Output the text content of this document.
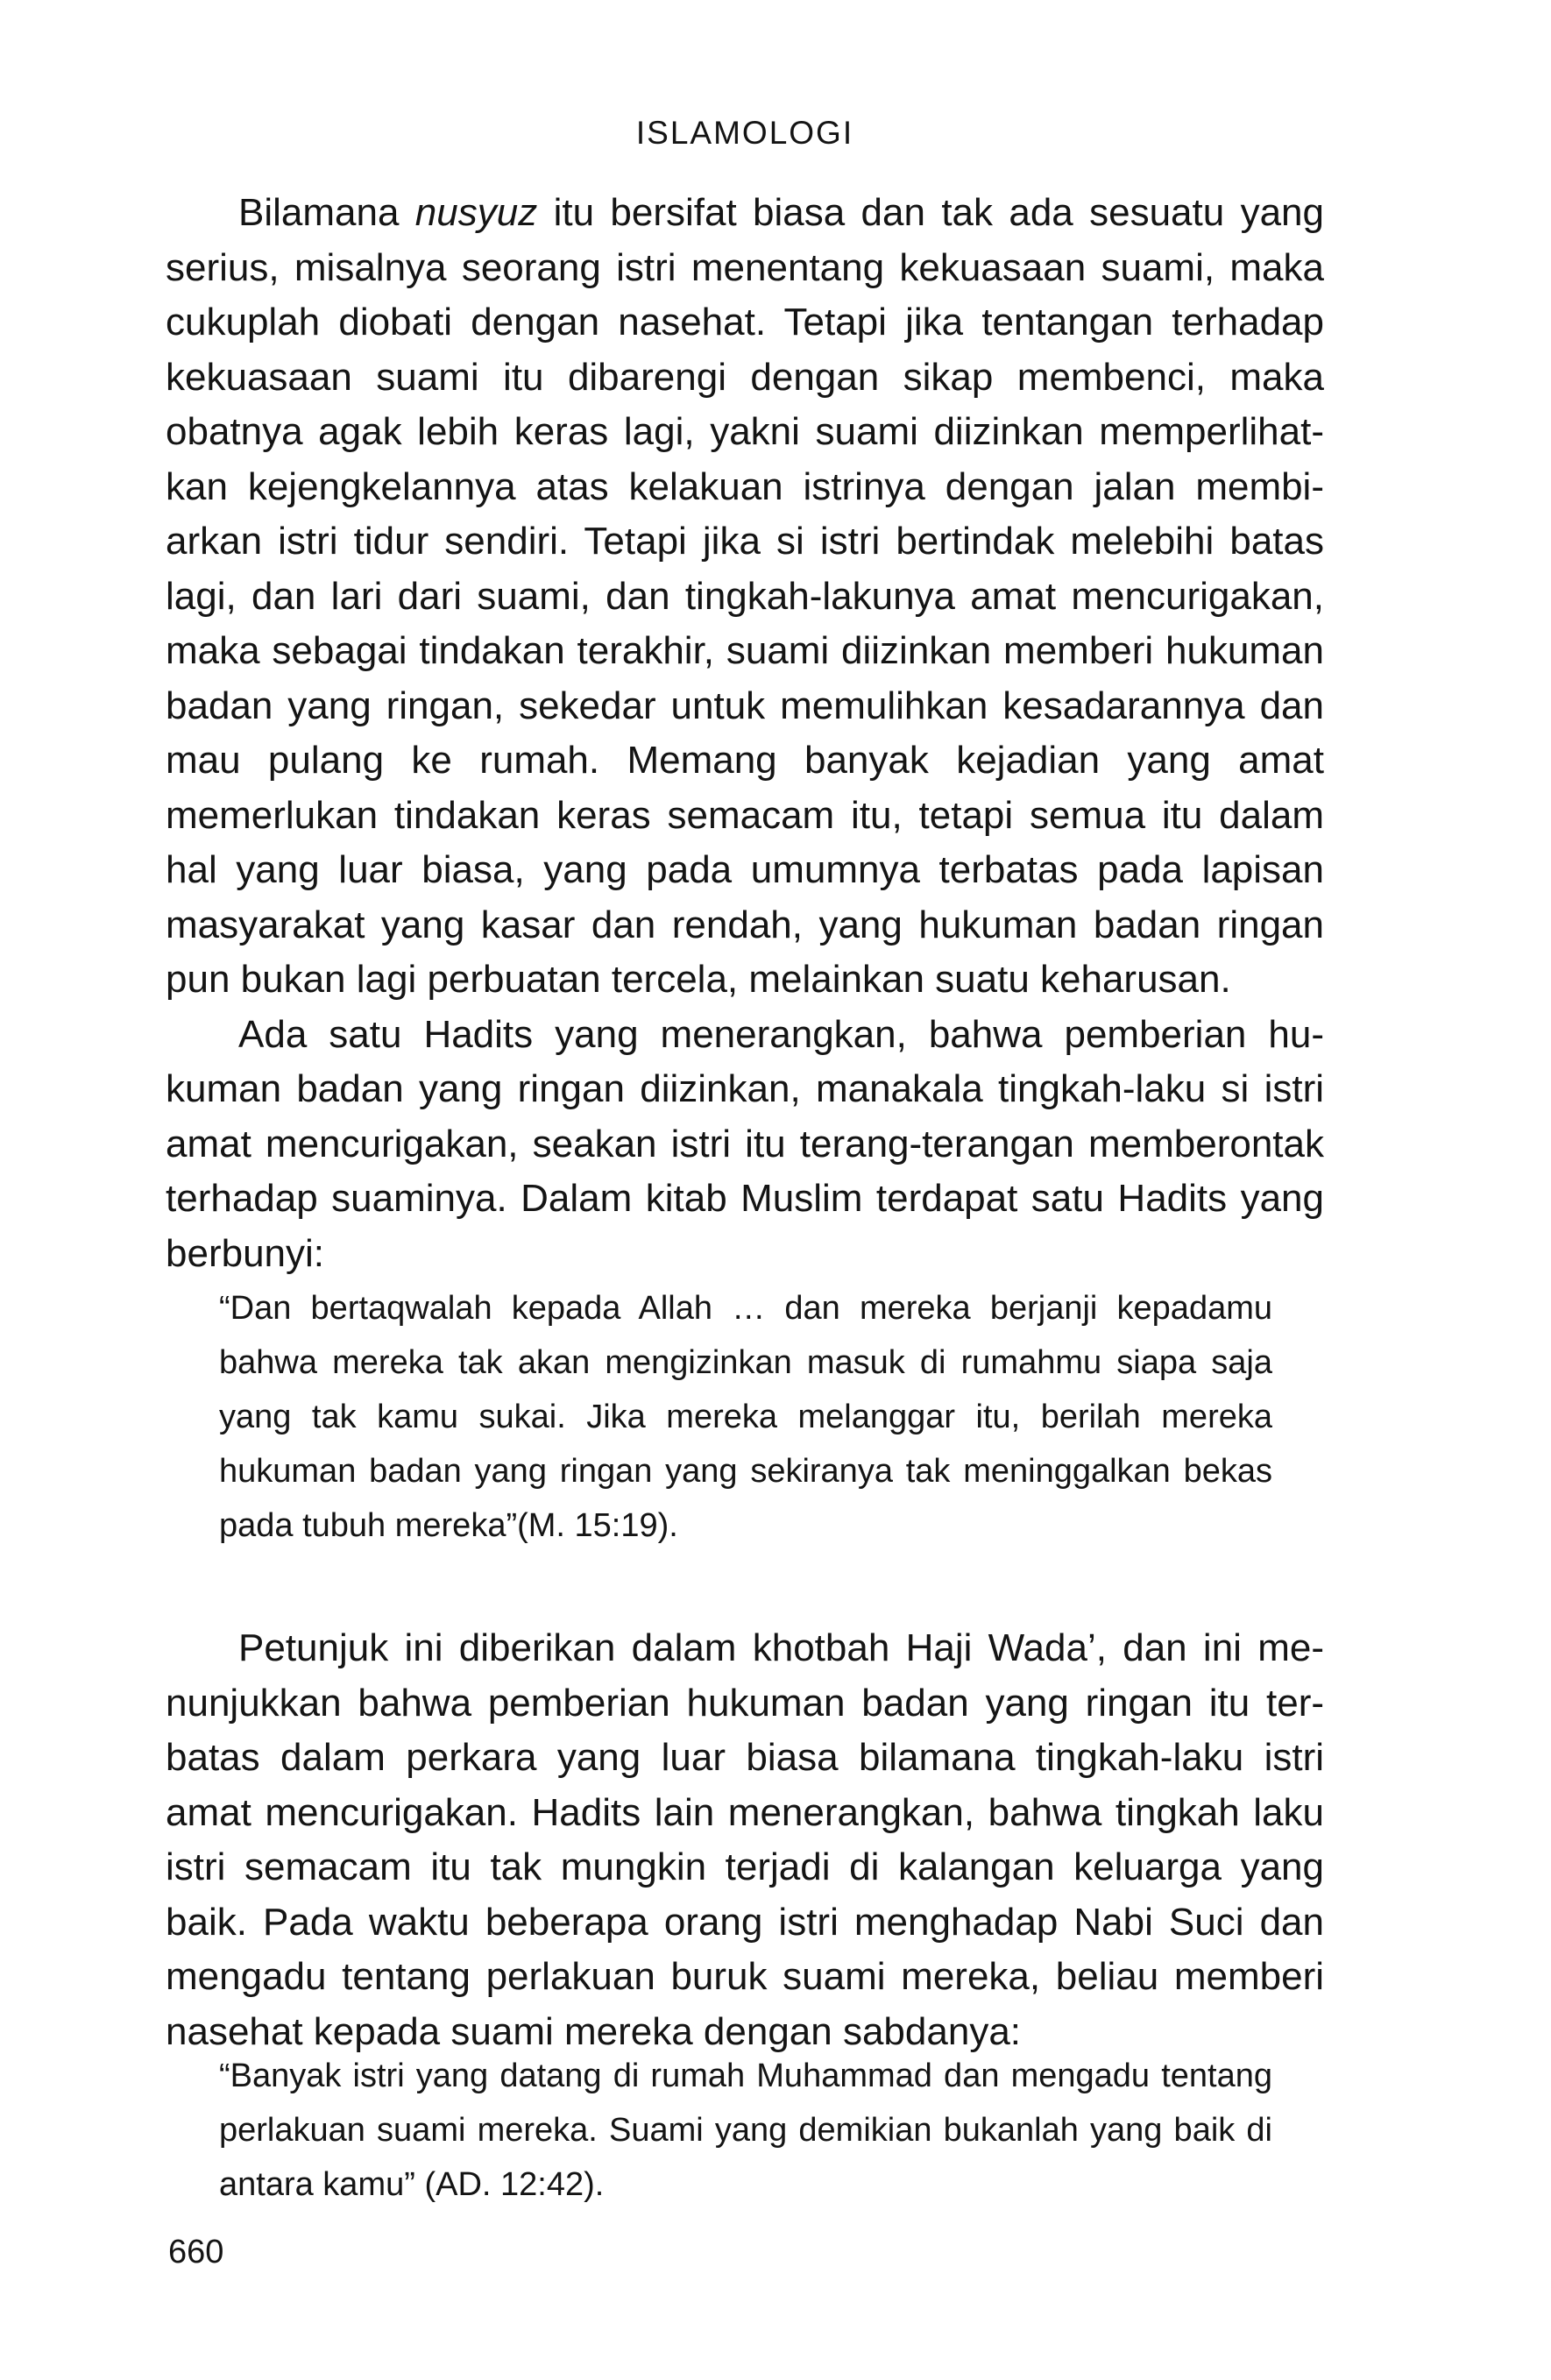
ISLAMOLOGI

Bilamana nusyuz itu bersifat biasa dan tak ada sesuatu yang serius, misalnya seorang istri menentang kekuasaan suami, maka cukuplah diobati dengan nasehat. Tetapi jika tentangan terhadap kekuasaan suami itu dibarengi dengan sikap membenci, maka obatnya agak lebih keras lagi, yakni suami diizinkan memperlihatkan kejengkelannya atas kelakuan istrinya dengan jalan membiarkan istri tidur sendiri. Tetapi jika si istri bertindak melebihi batas lagi, dan lari dari suami, dan tingkah-lakunya amat mencurigakan, maka sebagai tindakan terakhir, suami diizinkan memberi hukuman badan yang ringan, sekedar untuk memulihkan kesadarannya dan mau pulang ke rumah. Memang banyak kejadian yang amat memerlukan tindakan keras semacam itu, tetapi semua itu dalam hal yang luar biasa, yang pada umumnya terbatas pada lapisan masyarakat yang kasar dan rendah, yang hukuman badan ringan pun bukan lagi perbuatan tercela, melainkan suatu keharusan.

Ada satu Hadits yang menerangkan, bahwa pemberian hukuman badan yang ringan diizinkan, manakala tingkah-laku si istri amat mencurigakan, seakan istri itu terang-terangan memberontak terhadap suaminya. Dalam kitab Muslim terdapat satu Hadits yang berbunyi:

“Dan bertaqwalah kepada Allah … dan mereka berjanji kepadamu bahwa mereka tak akan mengizinkan masuk di rumahmu siapa saja yang tak kamu sukai. Jika mereka melanggar itu, berilah mereka hukuman badan yang ringan yang sekiranya tak meninggalkan bekas pada tubuh mereka”(M. 15:19).

Petunjuk ini diberikan dalam khotbah Haji Wada’, dan ini menunjukkan bahwa pemberian hukuman badan yang ringan itu terbatas dalam perkara yang luar biasa bilamana tingkah-laku istri amat mencurigakan. Hadits lain menerangkan, bahwa tingkah laku istri semacam itu tak mungkin terjadi di kalangan keluarga yang baik. Pada waktu beberapa orang istri menghadap Nabi Suci dan mengadu tentang perlakuan buruk suami mereka, beliau memberi nasehat kepada suami mereka dengan sabdanya:

“Banyak istri yang datang di rumah Muhammad dan mengadu tentang perlakuan suami mereka. Suami yang demikian bukanlah yang baik di antara kamu” (AD. 12:42).
660
